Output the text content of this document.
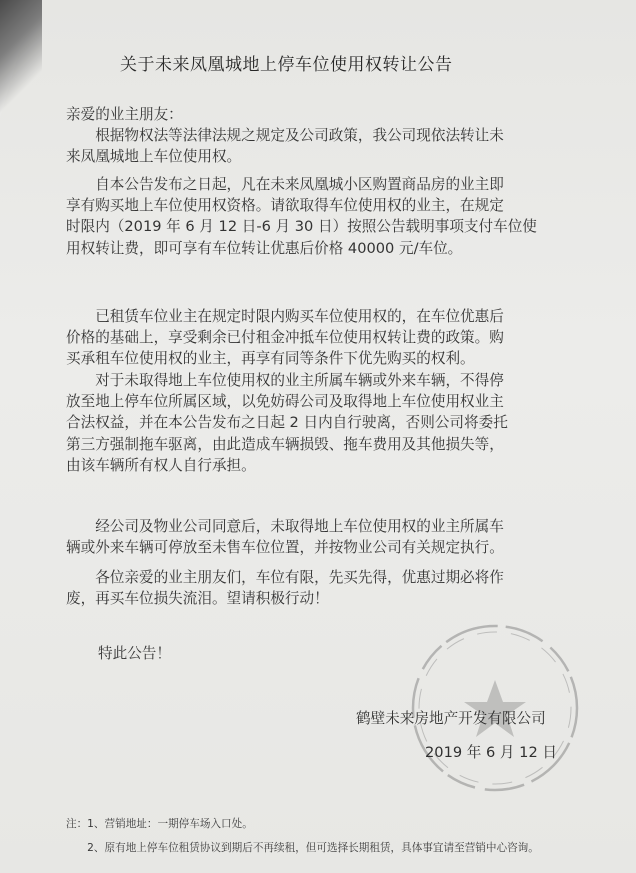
关于未来凤凰城地上停车位使用权转让公告
亲爱的业主朋友：
　　根据物权法等法律法规之规定及公司政策，我公司现依法转让未
来凤凰城地上车位使用权。
　　自本公告发布之日起，凡在未来凤凰城小区购置商品房的业主即
享有购买地上车位使用权资格。请欲取得车位使用权的业主，在规定
时限内（2019 年 6 月 12 日-6 月 30 日）按照公告载明事项支付车位使
用权转让费，即可享有车位转让优惠后价格 40000 元/车位。
　　已租赁车位业主在规定时限内购买车位使用权的，在车位优惠后
价格的基础上，享受剩余已付租金冲抵车位使用权转让费的政策。购
买承租车位使用权的业主，再享有同等条件下优先购买的权利。
　　对于未取得地上车位使用权的业主所属车辆或外来车辆，不得停
放至地上停车位所属区域，以免妨碍公司及取得地上车位使用权业主
合法权益，并在本公告发布之日起 2 日内自行驶离，否则公司将委托
第三方强制拖车驱离，由此造成车辆损毁、拖车费用及其他损失等，
由该车辆所有权人自行承担。
　　经公司及物业公司同意后，未取得地上车位使用权的业主所属车
辆或外来车辆可停放至未售车位位置，并按物业公司有关规定执行。
　　各位亲爱的业主朋友们，车位有限，先买先得，优惠过期必将作
废，再买车位损失流泪。望请积极行动！
特此公告！
鹤壁未来房地产开发有限公司
2019 年 6 月 12 日
注：1、营销地址：一期停车场入口处。
　　2、原有地上停车位租赁协议到期后不再续租，但可选择长期租赁，具体事宜请至营销中心咨询。
